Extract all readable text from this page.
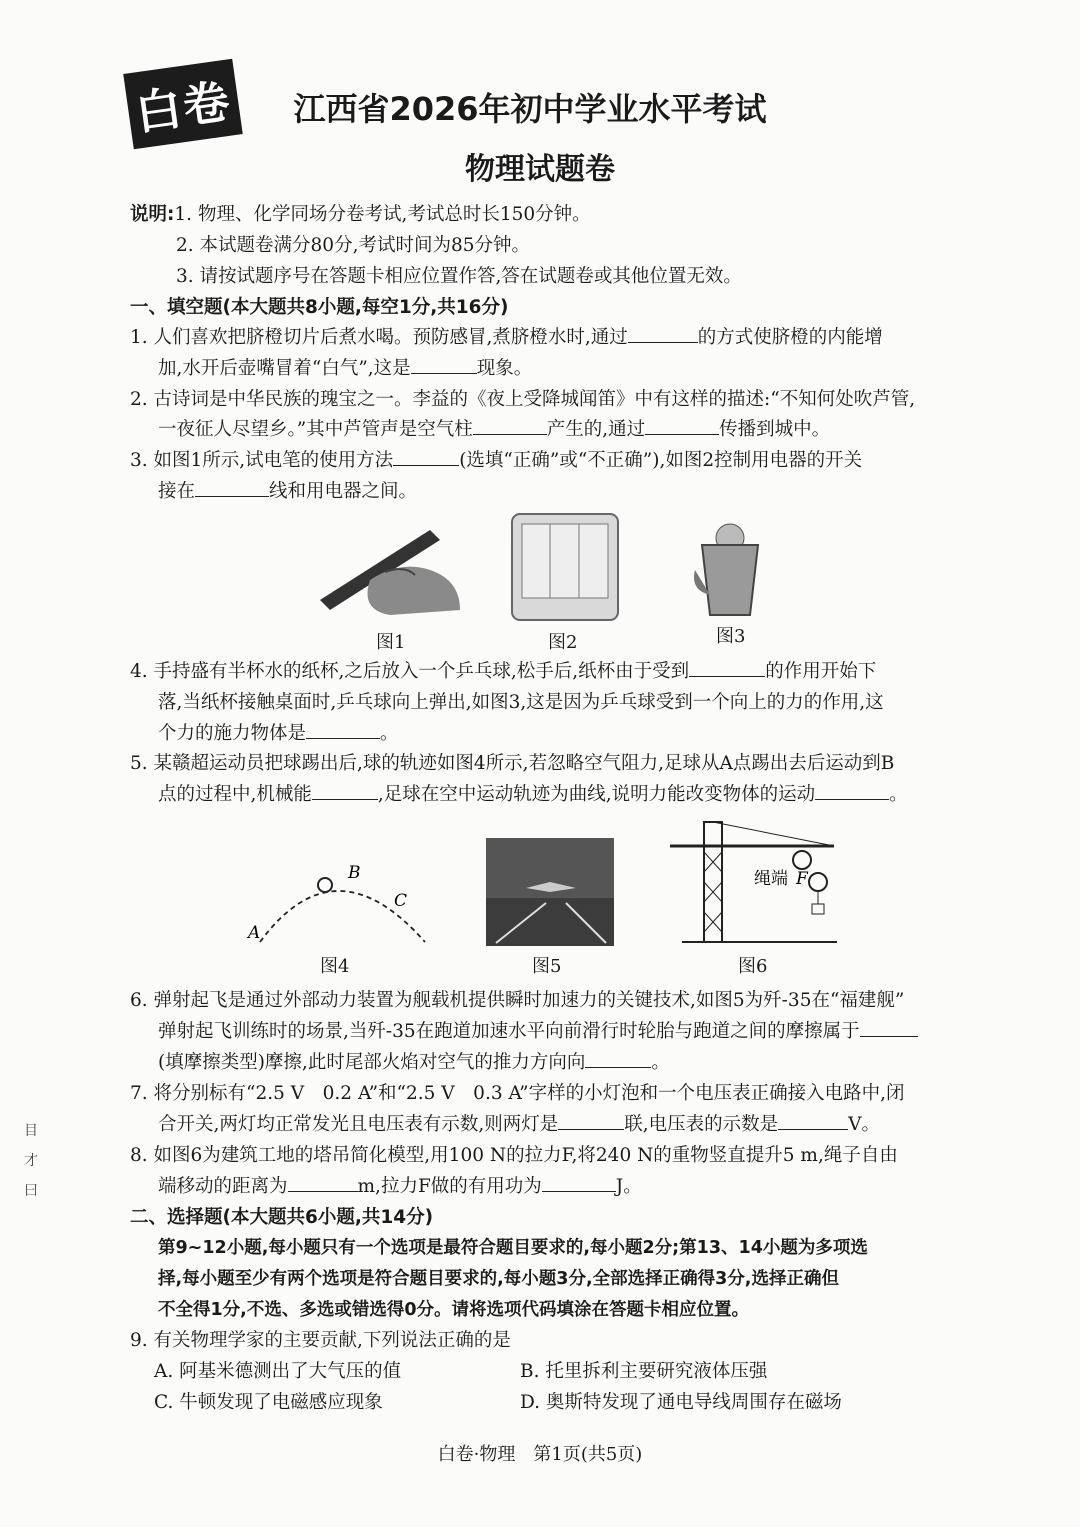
白卷	江西省2026年初中学业水平考试
物理试题卷
说明:1. 物理、化学同场分卷考试,考试总时长150分钟。
2. 本试题卷满分80分,考试时间为85分钟。
3. 请按试题序号在答题卡相应位置作答,答在试题卷或其他位置无效。
一、填空题(本大题共8小题,每空1分,共16分)
1. 人们喜欢把脐橙切片后煮水喝。预防感冒,煮脐橙水时,通过	的方式使脐橙的内能增
加,水开后壶嘴冒着“白气”,这是	现象。
2. 古诗词是中华民族的瑰宝之一。李益的《夜上受降城闻笛》中有这样的描述:“不知何处吹芦管,
一夜征人尽望乡。”其中芦管声是空气柱	产生的,通过	传播到城中。
3. 如图1所示,试电笔的使用方法	(选填“正确”或“不正确”),如图2控制用电器的开关
接在	线和用电器之间。
图1	图2	图3
4. 手持盛有半杯水的纸杯,之后放入一个乒乓球,松手后,纸杯由于受到	的作用开始下
落,当纸杯接触桌面时,乒乓球向上弹出,如图3,这是因为乒乓球受到一个向上的力的作用,这
个力的施力物体是	。
5. 某赣超运动员把球踢出后,球的轨迹如图4所示,若忽略空气阻力,足球从A点踢出去后运动到B
点的过程中,机械能	,足球在空中运动轨迹为曲线,说明力能改变物体的运动	。
A
B
C
绳端 F
图4	图5	图6
6. 弹射起飞是通过外部动力装置为舰载机提供瞬时加速力的关键技术,如图5为歼-35在“福建舰”
弹射起飞训练时的场景,当歼-35在跑道加速水平向前滑行时轮胎与跑道之间的摩擦属于
(填摩擦类型)摩擦,此时尾部火焰对空气的推力方向向	。
7. 将分别标有“2.5 V　0.2 A”和“2.5 V　0.3 A”字样的小灯泡和一个电压表正确接入电路中,闭
合开关,两灯均正常发光且电压表有示数,则两灯是	联,电压表的示数是	V。
8. 如图6为建筑工地的塔吊简化模型,用100 N的拉力F,将240 N的重物竖直提升5 m,绳子自由
端移动的距离为	m,拉力F做的有用功为	J。
二、选择题(本大题共6小题,共14分)
第9~12小题,每小题只有一个选项是最符合题目要求的,每小题2分;第13、14小题为多项选
择,每小题至少有两个选项是符合题目要求的,每小题3分,全部选择正确得3分,选择正确但
不全得1分,不选、多选或错选得0分。请将选项代码填涂在答题卡相应位置。
9. 有关物理学家的主要贡献,下列说法正确的是
A. 阿基米德测出了大气压的值	B. 托里拆利主要研究液体压强
C. 牛顿发现了电磁感应现象	D. 奥斯特发现了通电导线周围存在磁场
目
才
曰
白卷·物理　第1页(共5页)
